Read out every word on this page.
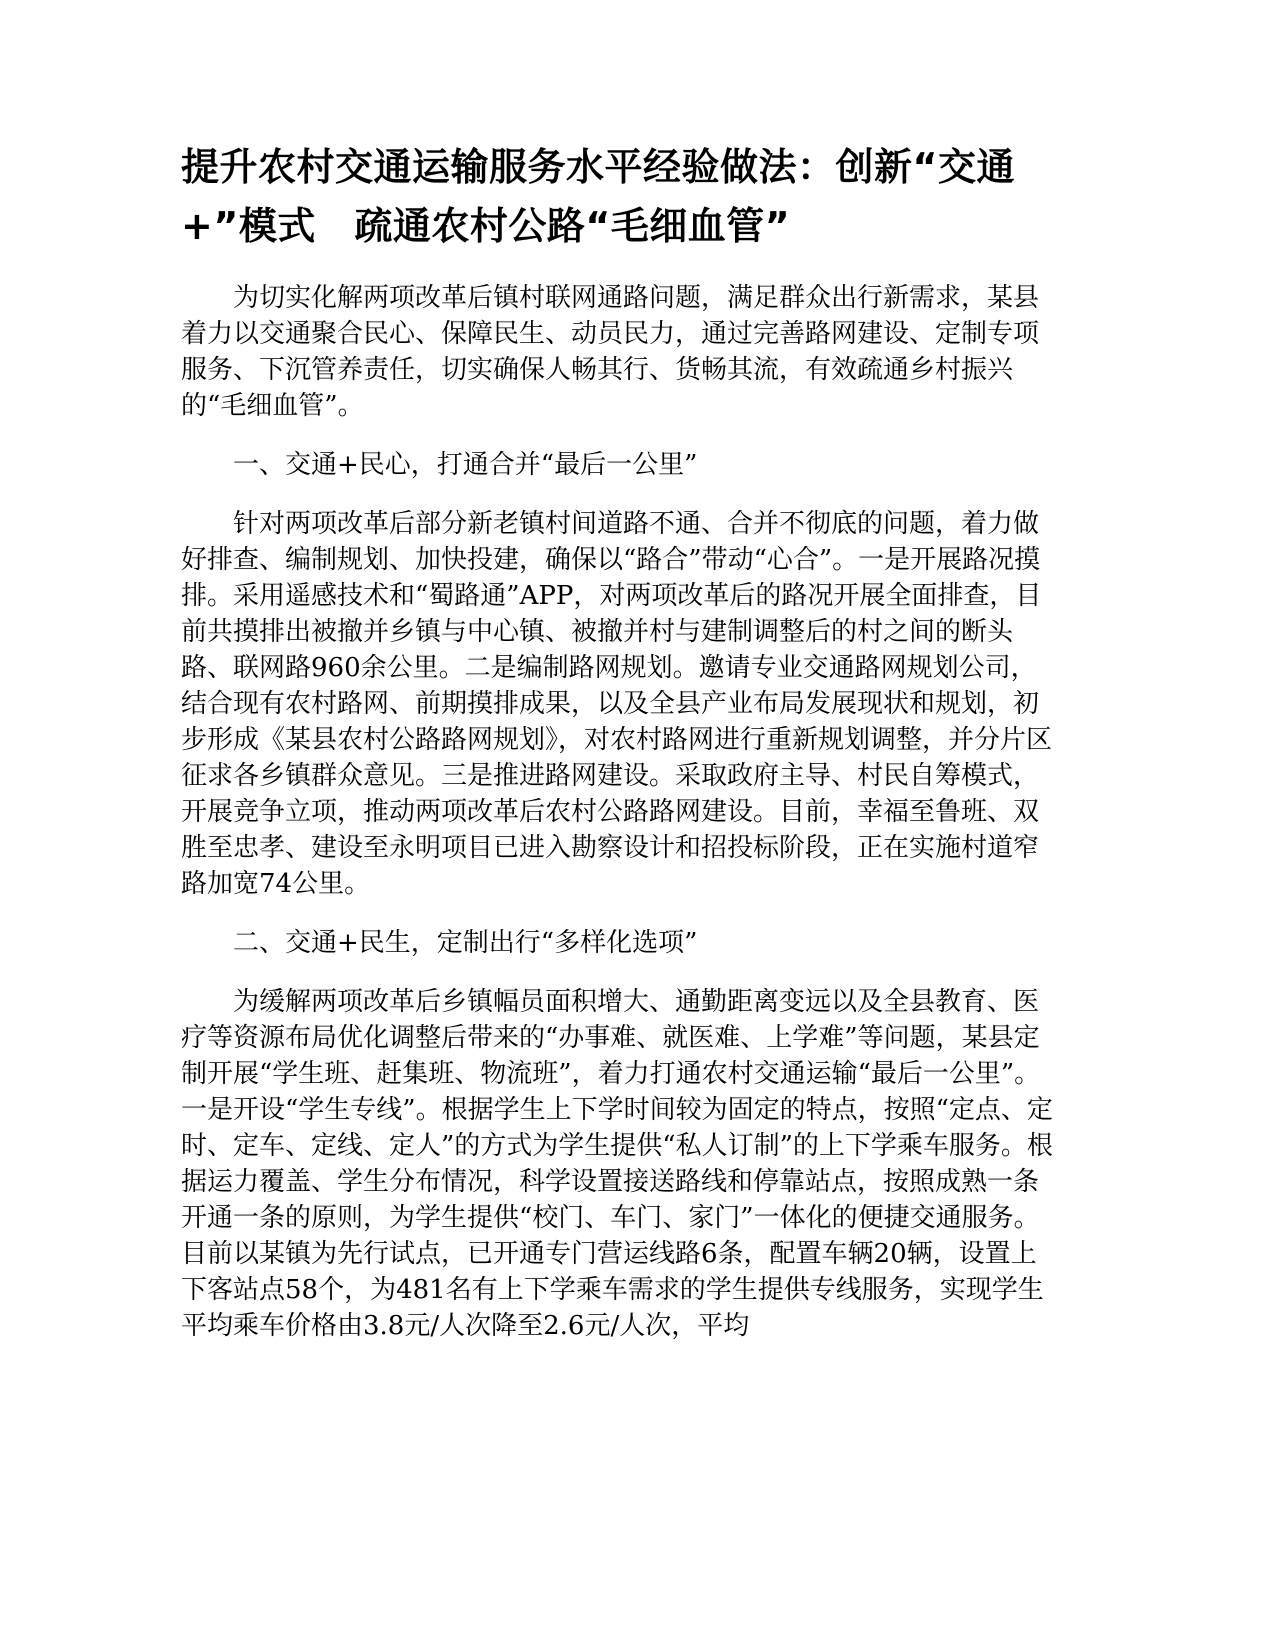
提升农村交通运输服务水平经验做法：创新“交通+”模式　疏通农村公路“毛细血管”

为切实化解两项改革后镇村联网通路问题，满足群众出行新需求，某县着力以交通聚合民心、保障民生、动员民力，通过完善路网建设、定制专项服务、下沉管养责任，切实确保人畅其行、货畅其流，有效疏通乡村振兴的“毛细血管”。

一、交通+民心，打通合并“最后一公里”

针对两项改革后部分新老镇村间道路不通、合并不彻底的问题，着力做好排查、编制规划、加快投建，确保以“路合”带动“心合”。一是开展路况摸排。采用遥感技术和“蜀路通”APP，对两项改革后的路况开展全面排查，目前共摸排出被撤并乡镇与中心镇、被撤并村与建制调整后的村之间的断头路、联网路960余公里。二是编制路网规划。邀请专业交通路网规划公司，结合现有农村路网、前期摸排成果，以及全县产业布局发展现状和规划，初步形成《某县农村公路路网规划》，对农村路网进行重新规划调整，并分片区征求各乡镇群众意见。三是推进路网建设。采取政府主导、村民自筹模式，开展竞争立项，推动两项改革后农村公路路网建设。目前，幸福至鲁班、双胜至忠孝、建设至永明项目已进入勘察设计和招投标阶段，正在实施村道窄路加宽74公里。

二、交通+民生，定制出行“多样化选项”

为缓解两项改革后乡镇幅员面积增大、通勤距离变远以及全县教育、医疗等资源布局优化调整后带来的“办事难、就医难、上学难”等问题，某县定制开展“学生班、赶集班、物流班”，着力打通农村交通运输“最后一公里”。一是开设“学生专线”。根据学生上下学时间较为固定的特点，按照“定点、定时、定车、定线、定人”的方式为学生提供“私人订制”的上下学乘车服务。根据运力覆盖、学生分布情况，科学设置接送路线和停靠站点，按照成熟一条开通一条的原则，为学生提供“校门、车门、家门”一体化的便捷交通服务。目前以某镇为先行试点，已开通专门营运线路6条，配置车辆20辆，设置上下客站点58个，为481名有上下学乘车需求的学生提供专线服务，实现学生平均乘车价格由3.8元/人次降至2.6元/人次，平均
